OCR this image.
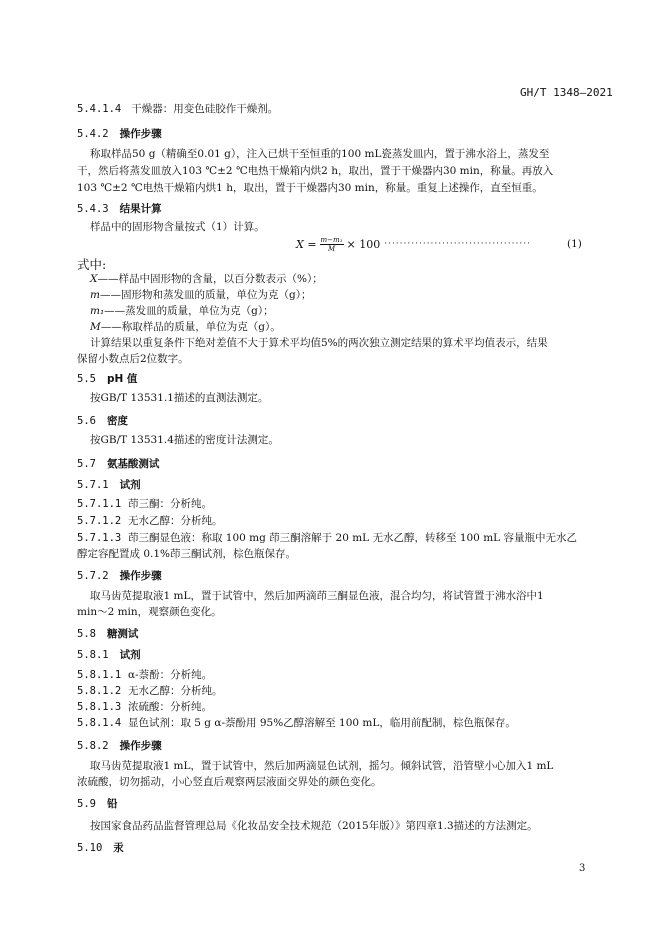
GH/T 1348—2021
5.4.1.4 干燥器：用变色硅胶作干燥剂。
5.4.2 操作步骤
称取样品50 g（精确至0.01 g），注入已烘干至恒重的100 mL瓷蒸发皿内，置于沸水浴上，蒸发至
干，然后将蒸发皿放入103 ℃±2 ℃电热干燥箱内烘2 h，取出，置于干燥器内30 min，称量。再放入
103 ℃±2 ℃电热干燥箱内烘1 h，取出，置于干燥器内30 min，称量。重复上述操作，直至恒重。
5.4.3 结果计算
样品中的固形物含量按式（1）计算。
$X = \frac{\text{m−m₁}}{M} \times 100$ ······································	(1)
式中:
X——样品中固形物的含量，以百分数表示（%）；
m——固形物和蒸发皿的质量，单位为克（g）；
m₁——蒸发皿的质量，单位为克（g）；
M——称取样品的质量，单位为克（g）。
计算结果以重复条件下绝对差值不大于算术平均值5%的两次独立测定结果的算术平均值表示，结果
保留小数点后2位数字。
5.5 pH 值
按GB/T 13531.1描述的直测法测定。
5.6 密度
按GB/T 13531.4描述的密度计法测定。
5.7 氨基酸测试
5.7.1 试剂
5.7.1.1 茚三酮：分析纯。
5.7.1.2 无水乙醇：分析纯。
5.7.1.3 茚三酮显色液：称取 100 mg 茚三酮溶解于 20 mL 无水乙醇，转移至 100 mL 容量瓶中无水乙
醇定容配置成 0.1%茚三酮试剂，棕色瓶保存。
5.7.2 操作步骤
取马齿苋提取液1 mL，置于试管中，然后加两滴茚三酮显色液，混合均匀，将试管置于沸水浴中1
min～2 min，观察颜色变化。
5.8 糖测试
5.8.1 试剂
5.8.1.1 α-萘酚：分析纯。
5.8.1.2 无水乙醇：分析纯。
5.8.1.3 浓硫酸：分析纯。
5.8.1.4 显色试剂：取 5 g α-萘酚用 95%乙醇溶解至 100 mL，临用前配制，棕色瓶保存。
5.8.2 操作步骤
取马齿苋提取液1 mL，置于试管中，然后加两滴显色试剂，摇匀。倾斜试管，沿管壁小心加入1 mL
浓硫酸，切勿摇动，小心竖直后观察两层液面交界处的颜色变化。
5.9 铅
按国家食品药品监督管理总局《化妆品安全技术规范（2015年版）》第四章1.3描述的方法测定。
5.10 汞
3
